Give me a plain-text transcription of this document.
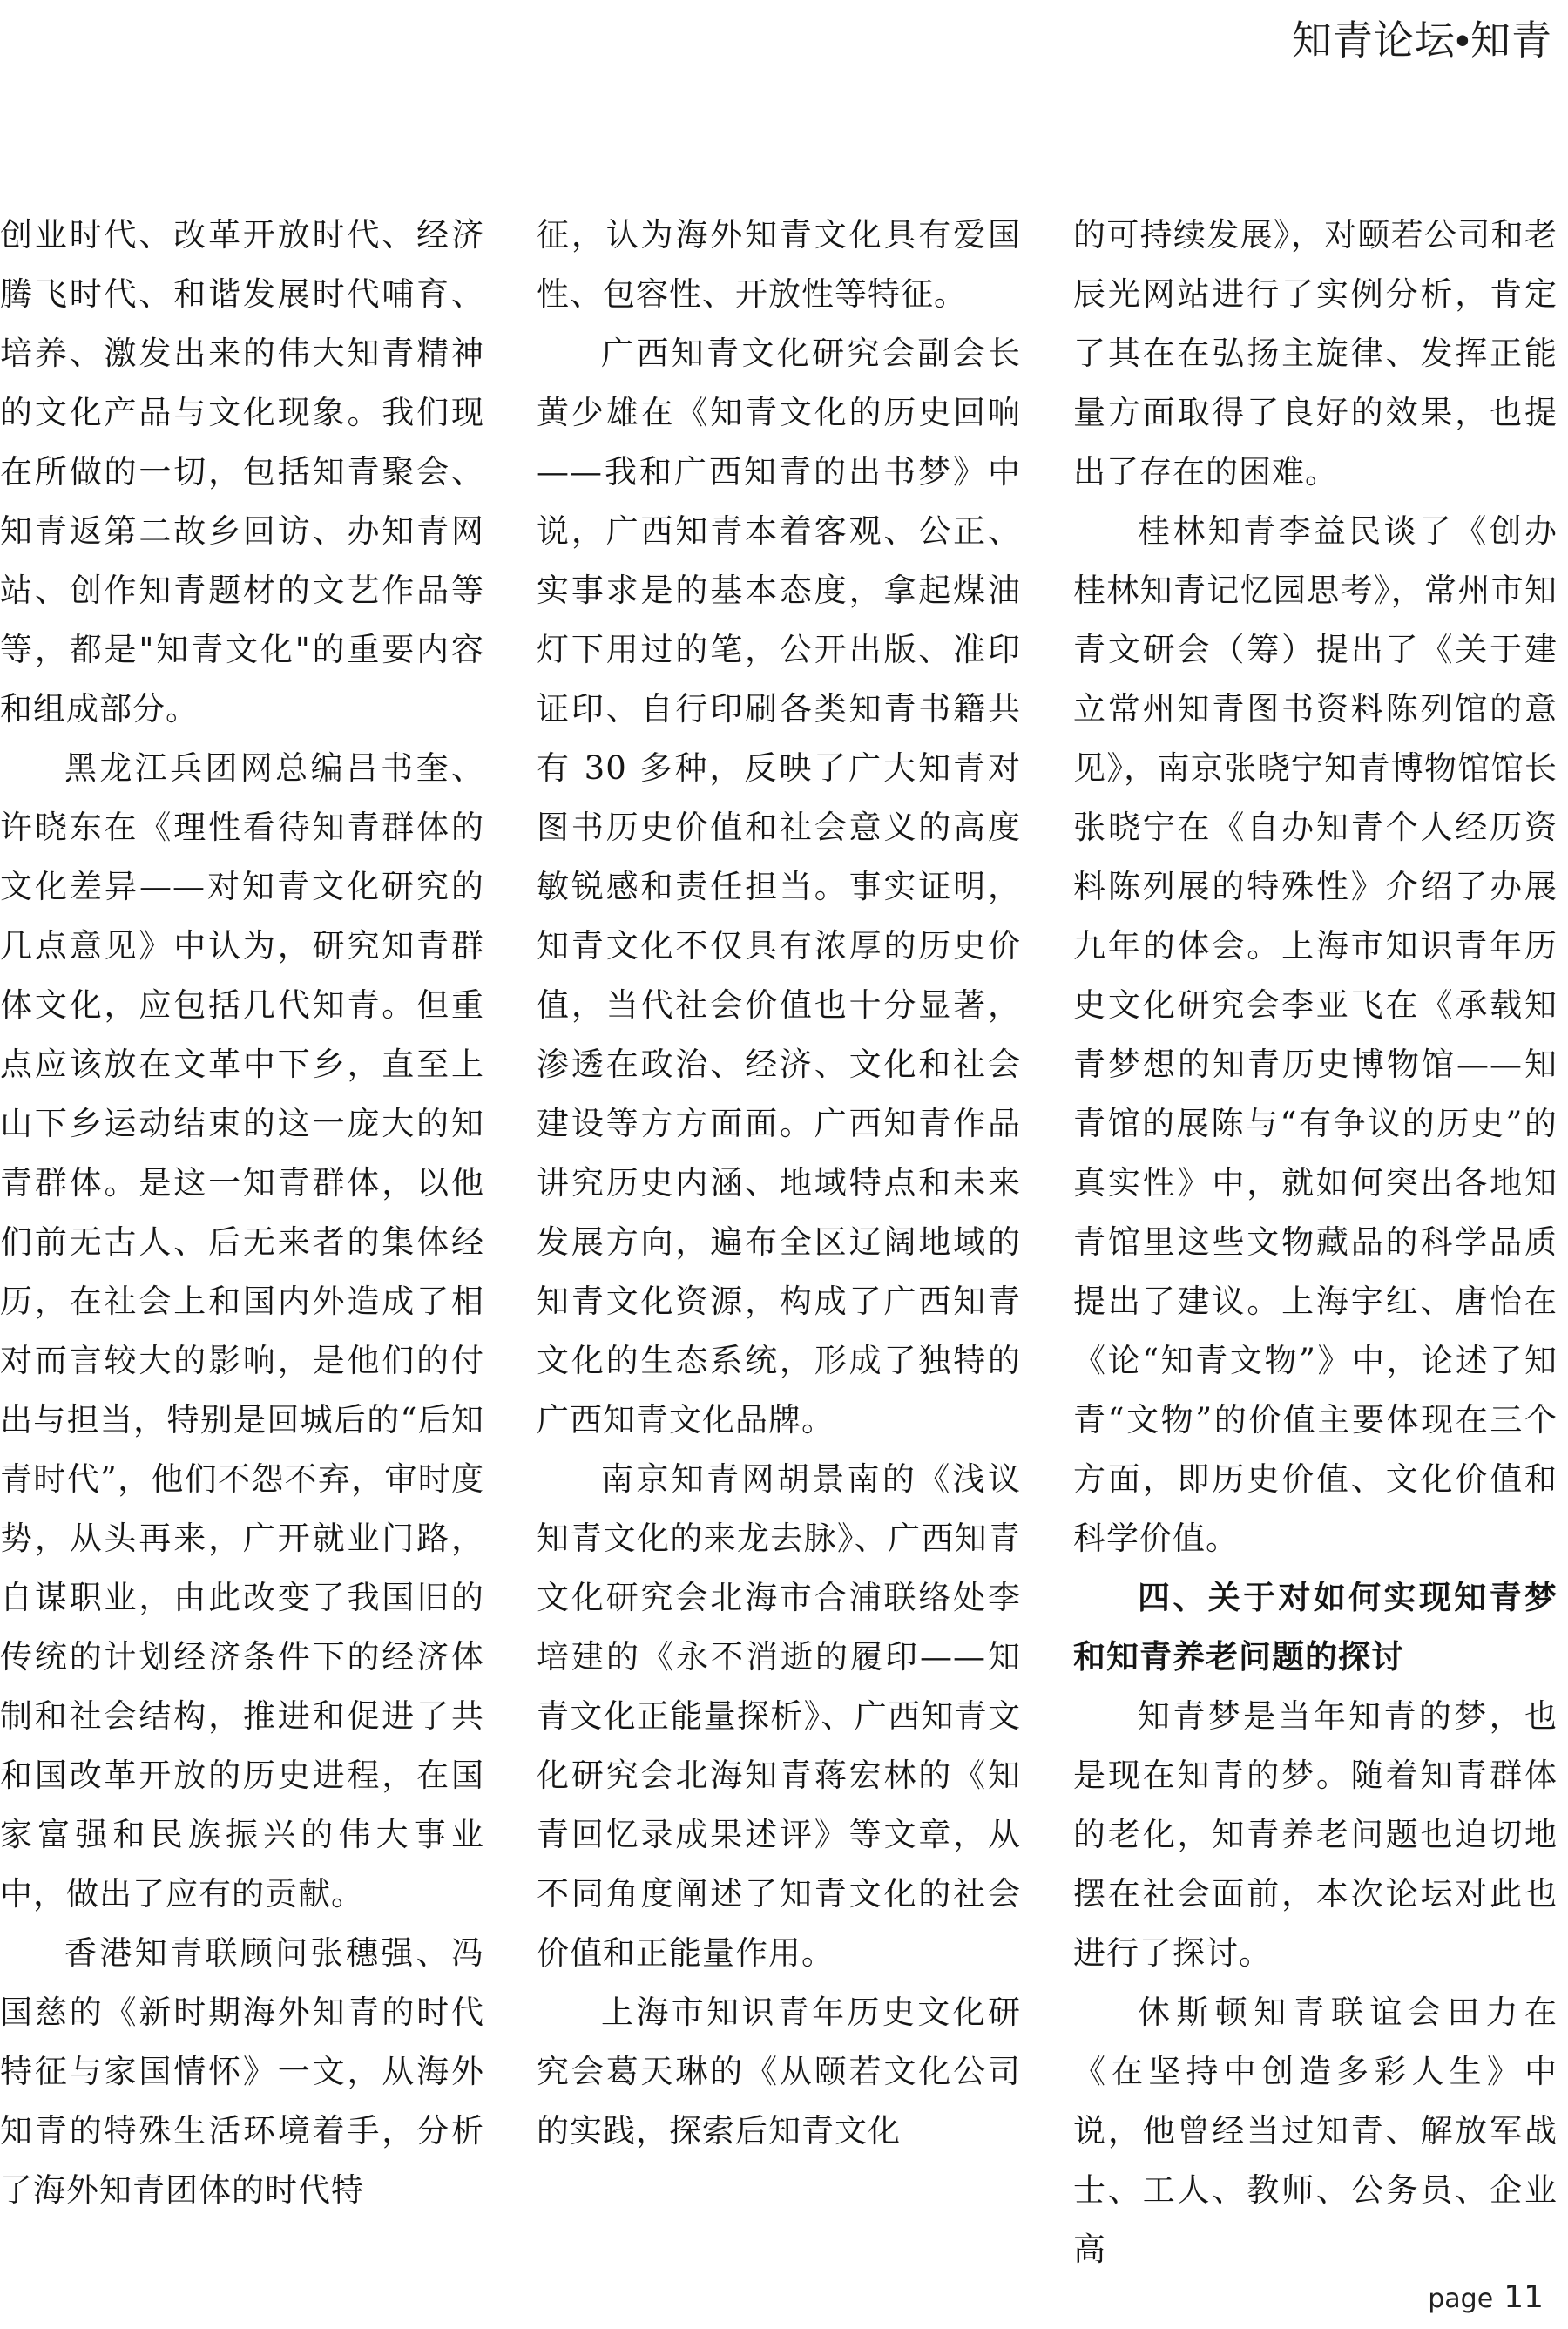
知青论坛•知青

创业时代、改革开放时代、经济腾飞时代、和谐发展时代哺育、培养、激发出来的伟大知青精神的文化产品与文化现象。我们现在所做的一切，包括知青聚会、知青返第二故乡回访、办知青网站、创作知青题材的文艺作品等等，都是"知青文化"的重要内容和组成部分。

黑龙江兵团网总编吕书奎、许晓东在《理性看待知青群体的文化差异——对知青文化研究的几点意见》中认为，研究知青群体文化，应包括几代知青。但重点应该放在文革中下乡，直至上山下乡运动结束的这一庞大的知青群体。是这一知青群体，以他们前无古人、后无来者的集体经历，在社会上和国内外造成了相对而言较大的影响，是他们的付出与担当，特别是回城后的“后知青时代”，他们不怨不弃，审时度势，从头再来，广开就业门路，自谋职业，由此改变了我国旧的传统的计划经济条件下的经济体制和社会结构，推进和促进了共和国改革开放的历史进程，在国家富强和民族振兴的伟大事业中，做出了应有的贡献。

香港知青联顾问张穗强、冯国慈的《新时期海外知青的时代特征与家国情怀》一文，从海外知青的特殊生活环境着手，分析了海外知青团体的时代特

征，认为海外知青文化具有爱国性、包容性、开放性等特征。

广西知青文化研究会副会长黄少雄在《知青文化的历史回响——我和广西知青的出书梦》中说，广西知青本着客观、公正、实事求是的基本态度，拿起煤油灯下用过的笔，公开出版、准印证印、自行印刷各类知青书籍共有 30 多种，反映了广大知青对图书历史价值和社会意义的高度敏锐感和责任担当。事实证明，知青文化不仅具有浓厚的历史价值，当代社会价值也十分显著，渗透在政治、经济、文化和社会建设等方方面面。广西知青作品讲究历史内涵、地域特点和未来发展方向，遍布全区辽阔地域的知青文化资源，构成了广西知青文化的生态系统，形成了独特的广西知青文化品牌。

南京知青网胡景南的《浅议知青文化的来龙去脉》、广西知青文化研究会北海市合浦联络处李培建的《永不消逝的履印——知青文化正能量探析》、广西知青文化研究会北海知青蒋宏林的《知青回忆录成果述评》等文章，从不同角度阐述了知青文化的社会价值和正能量作用。

上海市知识青年历史文化研究会葛天琳的《从颐若文化公司的实践，探索后知青文化

的可持续发展》，对颐若公司和老辰光网站进行了实例分析，肯定了其在在弘扬主旋律、发挥正能量方面取得了良好的效果，也提出了存在的困难。

桂林知青李益民谈了《创办桂林知青记忆园思考》，常州市知青文研会（筹）提出了《关于建立常州知青图书资料陈列馆的意见》，南京张晓宁知青博物馆馆长张晓宁在《自办知青个人经历资料陈列展的特殊性》介绍了办展九年的体会。上海市知识青年历史文化研究会李亚飞在《承载知青梦想的知青历史博物馆——知青馆的展陈与“有争议的历史”的真实性》中，就如何突出各地知青馆里这些文物藏品的科学品质提出了建议。上海宇红、唐怡在《论“知青文物”》中，论述了知青“文物”的价值主要体现在三个方面，即历史价值、文化价值和科学价值。

四、关于对如何实现知青梦和知青养老问题的探讨

知青梦是当年知青的梦，也是现在知青的梦。随着知青群体的老化，知青养老问题也迫切地摆在社会面前，本次论坛对此也进行了探讨。

休斯顿知青联谊会田力在《在坚持中创造多彩人生》中说，他曾经当过知青、解放军战士、工人、教师、公务员、企业高

page 11
